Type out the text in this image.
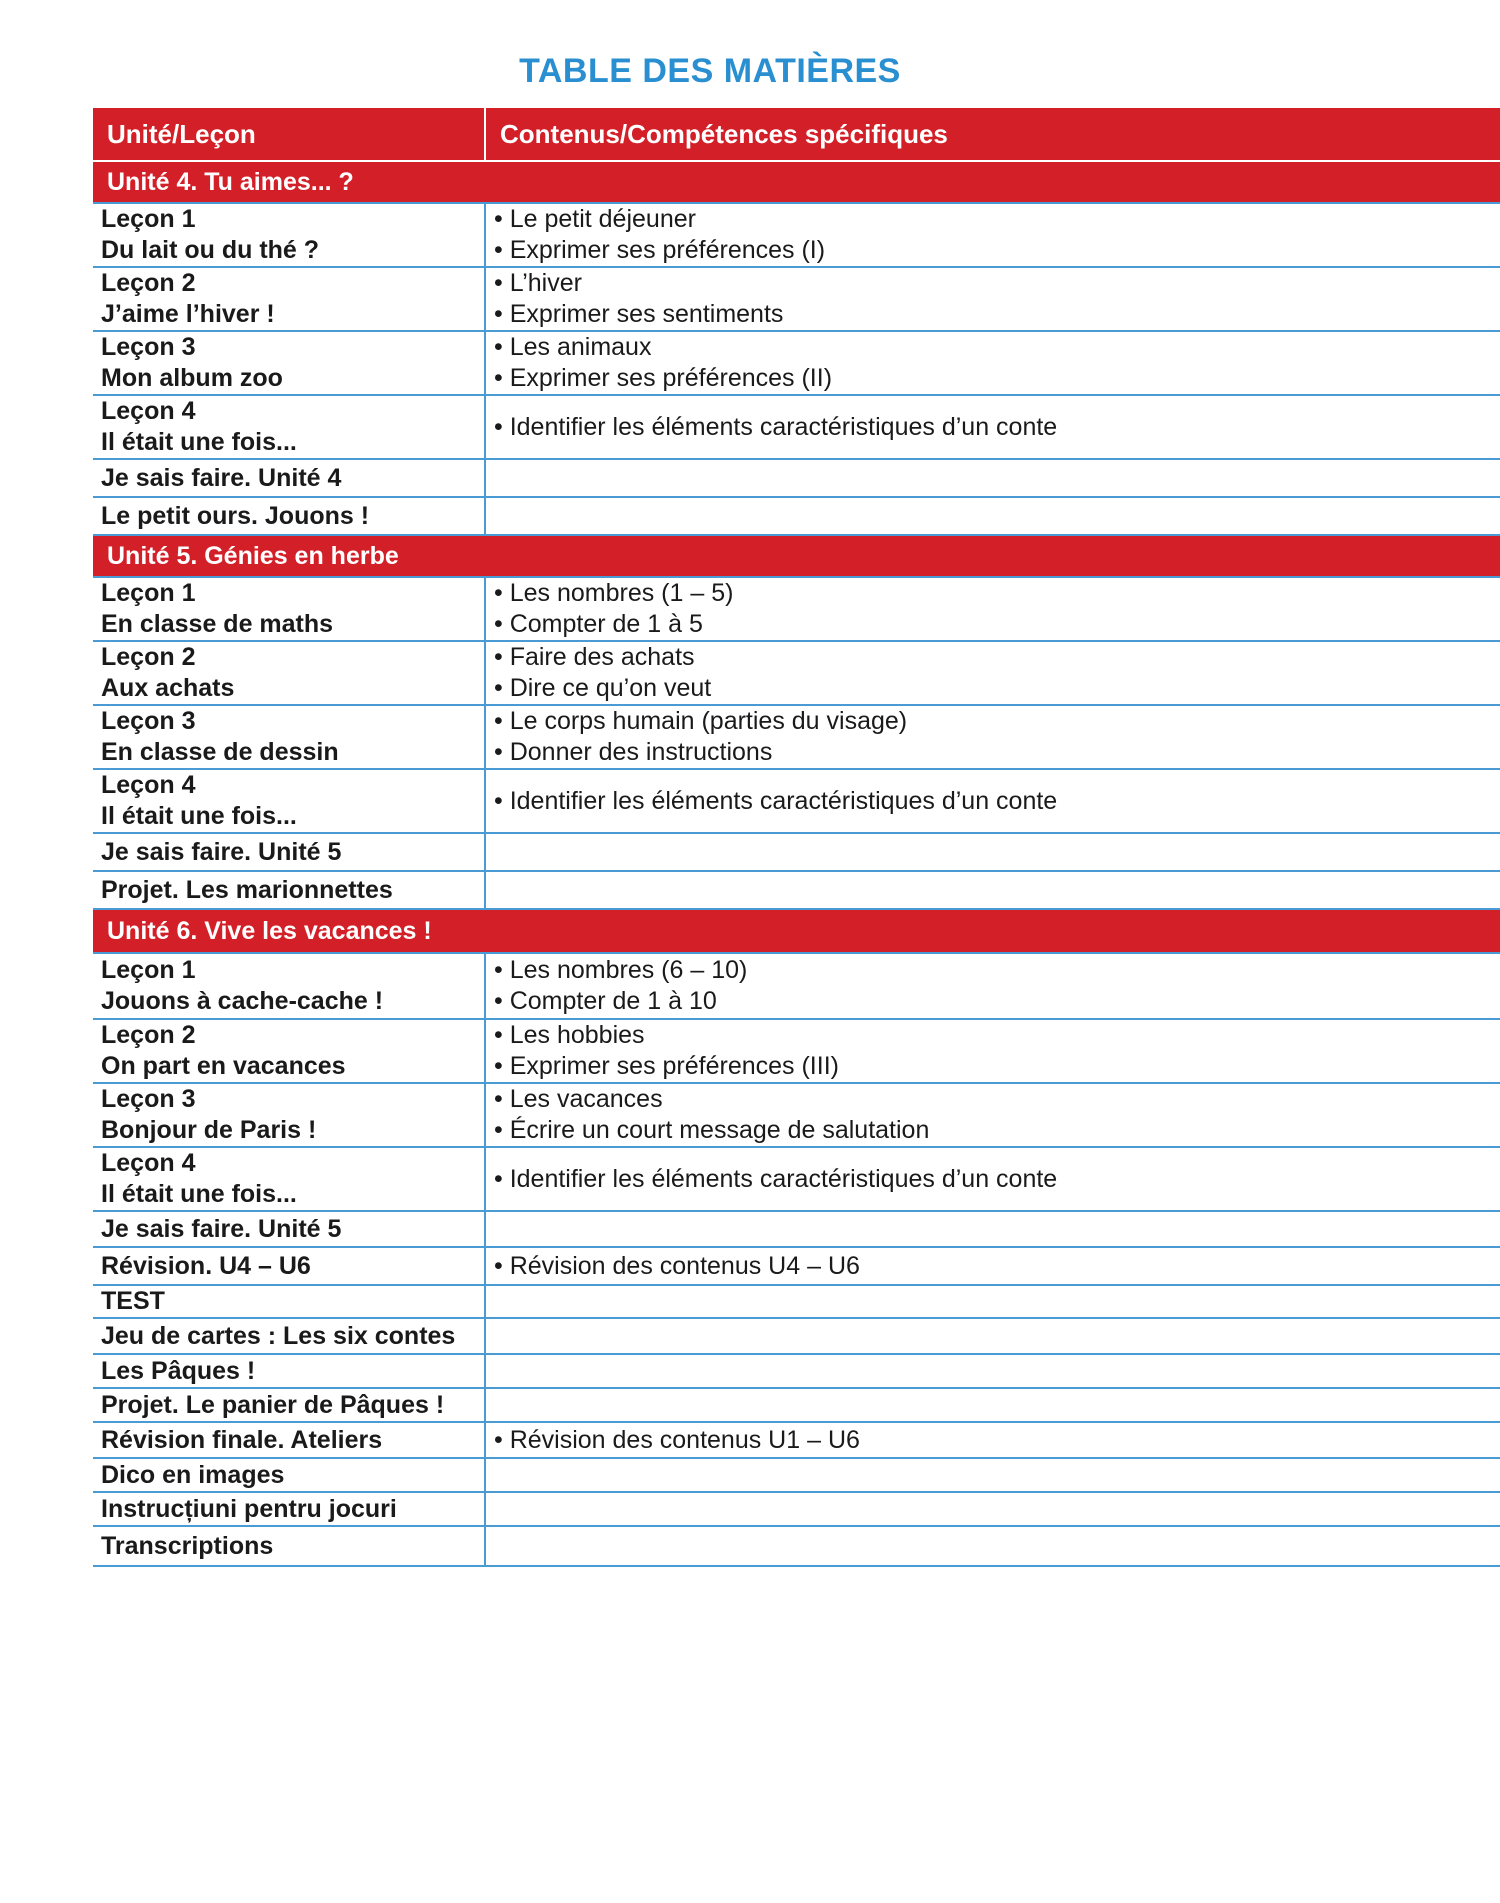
TABLE DES MATIÈRES
Unité/Leçon	Contenus/Compétences spécifiques
Unité 4. Tu aimes... ?	

Leçon 1
Du lait ou du thé ?	• Le petit déjeuner
• Exprimer ses préférences (I)

Leçon 2
J’aime l’hiver !	• L’hiver
• Exprimer ses sentiments

Leçon 3
Mon album zoo	• Les animaux
• Exprimer ses préférences (II)

Leçon 4
Il était une fois...	• Identifier les éléments caractéristiques d’un conte

Je sais faire. Unité 4	

Le petit ours. Jouons !	

Unité 5. Génies en herbe	

Leçon 1
En classe de maths	• Les nombres (1 – 5)
• Compter de 1 à 5

Leçon 2
Aux achats	• Faire des achats
• Dire ce qu’on veut

Leçon 3
En classe de dessin	• Le corps humain (parties du visage)
• Donner des instructions

Leçon 4
Il était une fois...	• Identifier les éléments caractéristiques d’un conte

Je sais faire. Unité 5	

Projet. Les marionnettes	

Unité 6. Vive les vacances !	

Leçon 1
Jouons à cache-cache !	• Les nombres (6 – 10)
• Compter de 1 à 10

Leçon 2
On part en vacances	• Les hobbies
• Exprimer ses préférences (III)

Leçon 3
Bonjour de Paris !	• Les vacances
• Écrire un court message de salutation

Leçon 4
Il était une fois...	• Identifier les éléments caractéristiques d’un conte

Je sais faire. Unité 5	

Révision. U4 – U6	• Révision des contenus U4 – U6

TEST	

Jeu de cartes : Les six contes	

Les Pâques !	

Projet. Le panier de Pâques !	

Révision finale. Ateliers	• Révision des contenus U1 – U6

Dico en images	

Instrucțiuni pentru jocuri	

Transcriptions	
